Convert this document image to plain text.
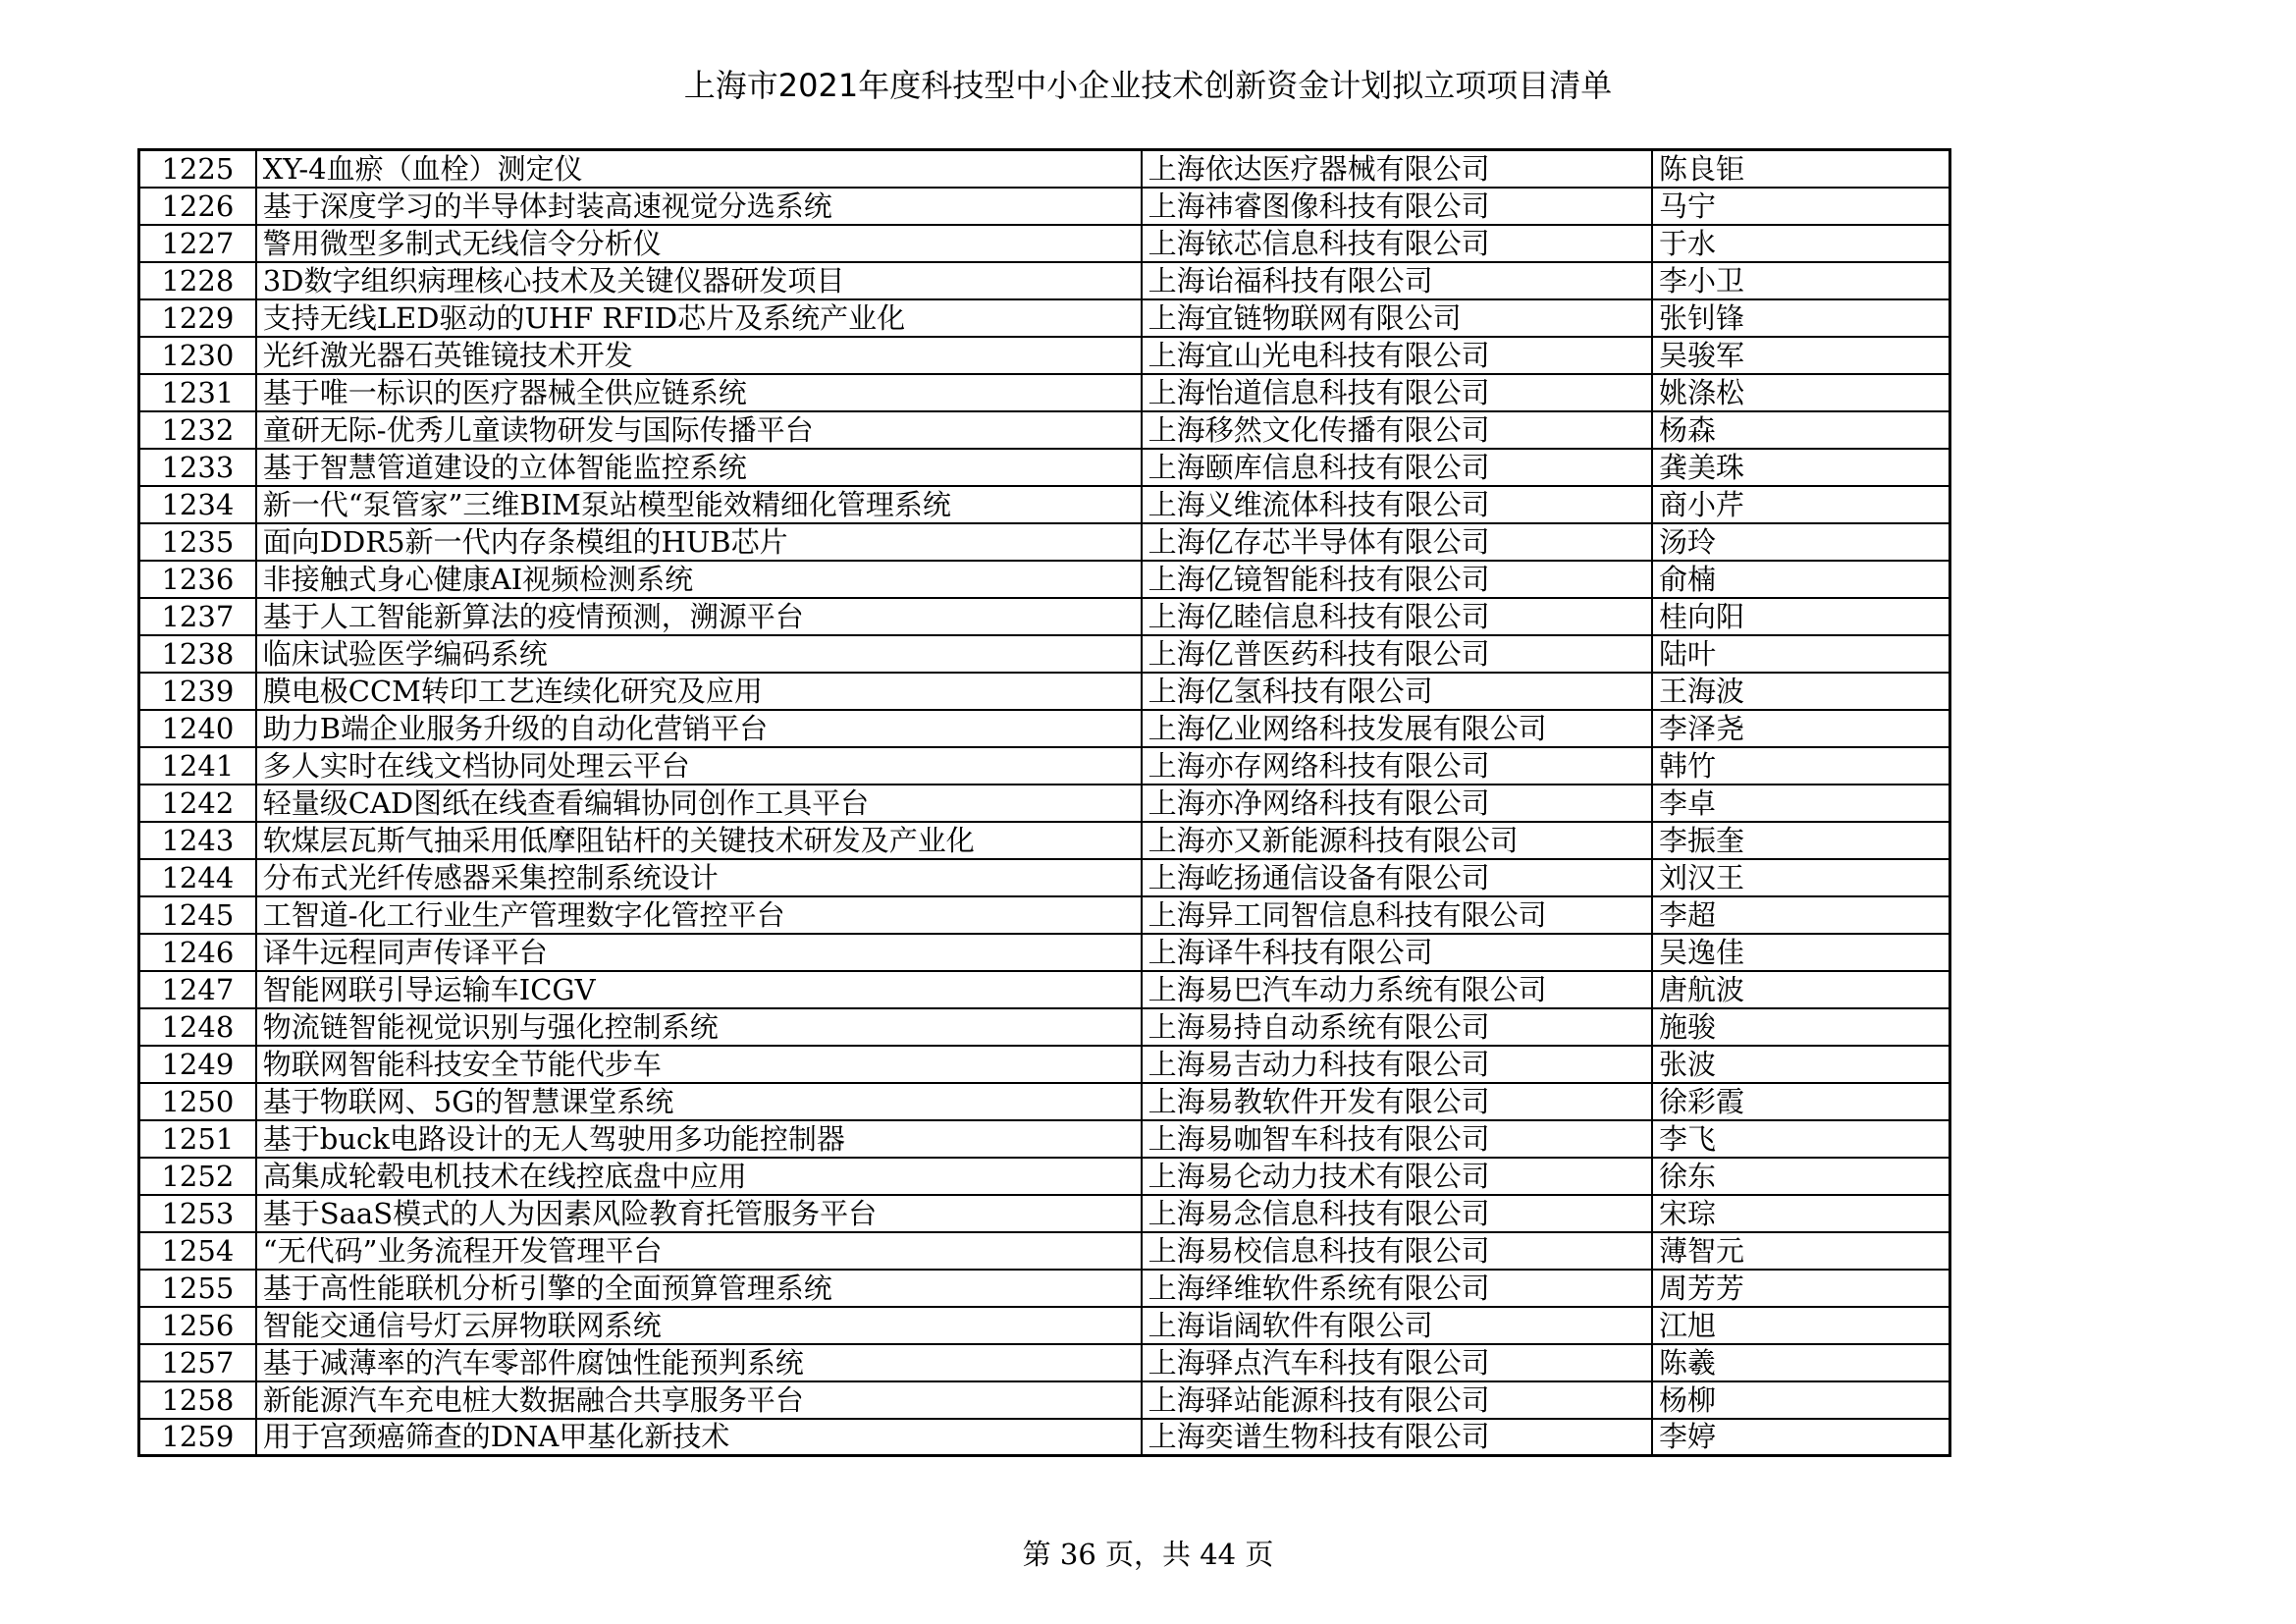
上海市2021年度科技型中小企业技术创新资金计划拟立项项目清单
1225	XY-4血瘀（血栓）测定仪	上海依达医疗器械有限公司	陈良钜
1226	基于深度学习的半导体封装高速视觉分选系统	上海祎睿图像科技有限公司	马宁
1227	警用微型多制式无线信令分析仪	上海铱芯信息科技有限公司	于水
1228	3D数字组织病理核心技术及关键仪器研发项目	上海诒福科技有限公司	李小卫
1229	支持无线LED驱动的UHF RFID芯片及系统产业化	上海宜链物联网有限公司	张钊锋
1230	光纤激光器石英锥镜技术开发	上海宜山光电科技有限公司	吴骏军
1231	基于唯一标识的医疗器械全供应链系统	上海怡道信息科技有限公司	姚涤松
1232	童研无际-优秀儿童读物研发与国际传播平台	上海移然文化传播有限公司	杨森
1233	基于智慧管道建设的立体智能监控系统	上海颐库信息科技有限公司	龚美珠
1234	新一代“泵管家”三维BIM泵站模型能效精细化管理系统	上海义维流体科技有限公司	商小芹
1235	面向DDR5新一代内存条模组的HUB芯片	上海亿存芯半导体有限公司	汤玲
1236	非接触式身心健康AI视频检测系统	上海亿镜智能科技有限公司	俞楠
1237	基于人工智能新算法的疫情预测，溯源平台	上海亿睦信息科技有限公司	桂向阳
1238	临床试验医学编码系统	上海亿普医药科技有限公司	陆叶
1239	膜电极CCM转印工艺连续化研究及应用	上海亿氢科技有限公司	王海波
1240	助力B端企业服务升级的自动化营销平台	上海亿业网络科技发展有限公司	李泽尧
1241	多人实时在线文档协同处理云平台	上海亦存网络科技有限公司	韩竹
1242	轻量级CAD图纸在线查看编辑协同创作工具平台	上海亦净网络科技有限公司	李卓
1243	软煤层瓦斯气抽采用低摩阻钻杆的关键技术研发及产业化	上海亦又新能源科技有限公司	李振奎
1244	分布式光纤传感器采集控制系统设计	上海屹扬通信设备有限公司	刘汉王
1245	工智道-化工行业生产管理数字化管控平台	上海异工同智信息科技有限公司	李超
1246	译牛远程同声传译平台	上海译牛科技有限公司	吴逸佳
1247	智能网联引导运输车ICGV	上海易巴汽车动力系统有限公司	唐航波
1248	物流链智能视觉识别与强化控制系统	上海易持自动系统有限公司	施骏
1249	物联网智能科技安全节能代步车	上海易吉动力科技有限公司	张波
1250	基于物联网、5G的智慧课堂系统	上海易教软件开发有限公司	徐彩霞
1251	基于buck电路设计的无人驾驶用多功能控制器	上海易咖智车科技有限公司	李飞
1252	高集成轮毂电机技术在线控底盘中应用	上海易仑动力技术有限公司	徐东
1253	基于SaaS模式的人为因素风险教育托管服务平台	上海易念信息科技有限公司	宋琮
1254	“无代码”业务流程开发管理平台	上海易校信息科技有限公司	薄智元
1255	基于高性能联机分析引擎的全面预算管理系统	上海绎维软件系统有限公司	周芳芳
1256	智能交通信号灯云屏物联网系统	上海诣阔软件有限公司	江旭
1257	基于减薄率的汽车零部件腐蚀性能预判系统	上海驿点汽车科技有限公司	陈羲
1258	新能源汽车充电桩大数据融合共享服务平台	上海驿站能源科技有限公司	杨柳
1259	用于宫颈癌筛查的DNA甲基化新技术	上海奕谱生物科技有限公司	李婷
第 36 页，共 44 页
